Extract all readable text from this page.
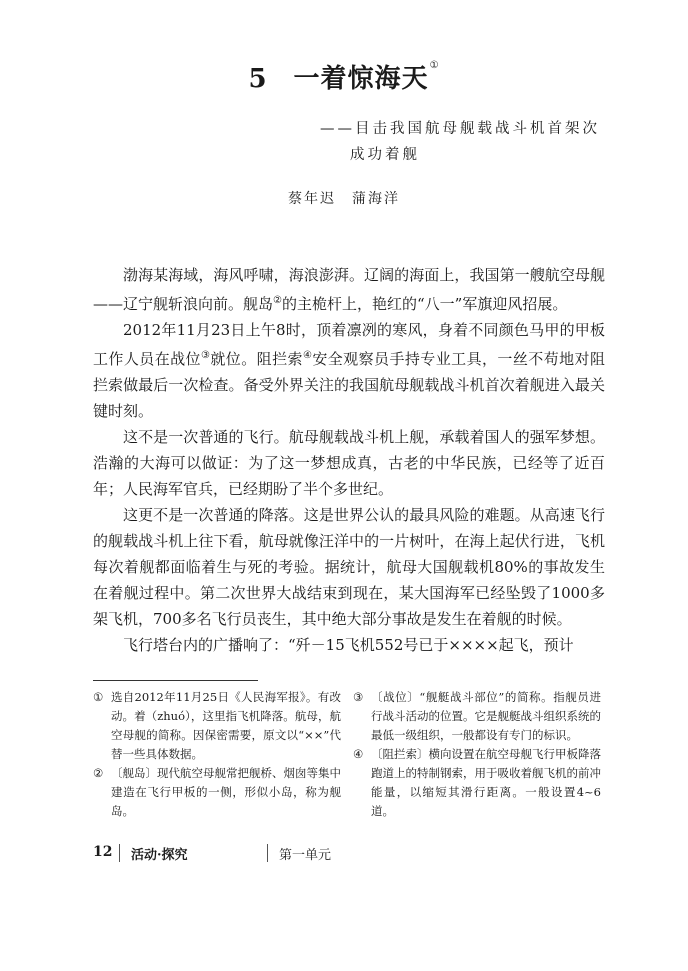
5 一着惊海天①
——目击我国航母舰载战斗机首架次
成功着舰
蔡年迟 蒲海洋

渤海某海域，海风呼啸，海浪澎湃。辽阔的海面上，我国第一艘航空母舰——辽宁舰斩浪向前。舰岛②的主桅杆上，艳红的“八一”军旗迎风招展。

2012年11月23日上午8时，顶着凛冽的寒风，身着不同颜色马甲的甲板工作人员在战位③就位。阻拦索④安全观察员手持专业工具，一丝不苟地对阻拦索做最后一次检查。备受外界关注的我国航母舰载战斗机首次着舰进入最关键时刻。

这不是一次普通的飞行。航母舰载战斗机上舰，承载着国人的强军梦想。浩瀚的大海可以做证：为了这一梦想成真，古老的中华民族，已经等了近百年；人民海军官兵，已经期盼了半个多世纪。

这更不是一次普通的降落。这是世界公认的最具风险的难题。从高速飞行的舰载战斗机上往下看，航母就像汪洋中的一片树叶，在海上起伏行进，飞机每次着舰都面临着生与死的考验。据统计，航母大国舰载机80%的事故发生在着舰过程中。第二次世界大战结束到现在，某大国海军已经坠毁了1000多架飞机，700多名飞行员丧生，其中绝大部分事故是发生在着舰的时候。

飞行塔台内的广播响了：“歼－15飞机552号已于××××起飞，预计

① 选自2012年11月25日《人民海军报》。有改动。着（zhuó），这里指飞机降落。航母，航空母舰的简称。因保密需要，原文以“××”代替一些具体数据。
② 〔舰岛〕现代航空母舰常把舰桥、烟囱等集中建造在飞行甲板的一侧，形似小岛，称为舰岛。
③ 〔战位〕“舰艇战斗部位”的简称。指舰员进行战斗活动的位置。它是舰艇战斗组织系统的最低一级组织，一般都设有专门的标识。
④ 〔阻拦索〕横向设置在航空母舰飞行甲板降落跑道上的特制钢索，用于吸收着舰飞机的前冲能量，以缩短其滑行距离。一般设置4~6道。
12 活动·探究	第一单元
